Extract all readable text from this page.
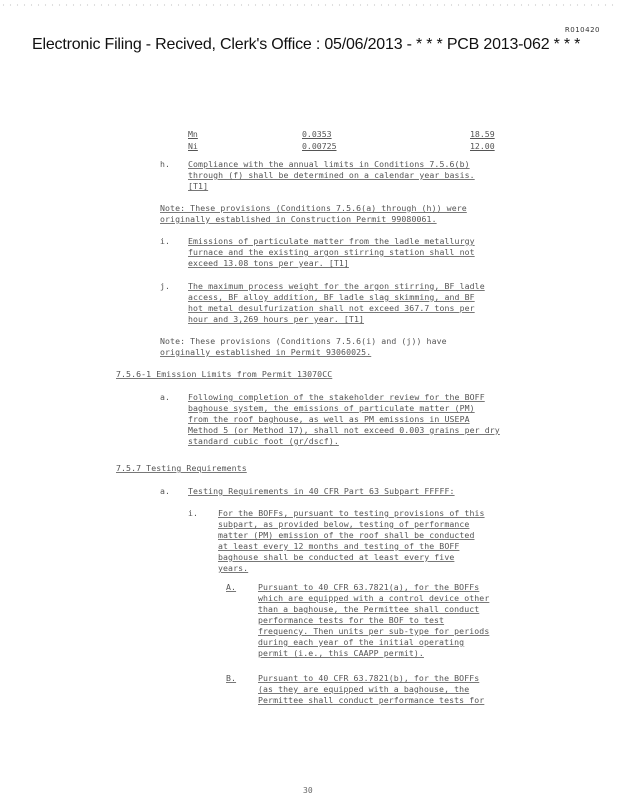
R010420
Electronic Filing - Recived, Clerk's Office : 05/06/2013 - * * * PCB 2013-062 * * *
Mn	0.0353	18.59
Ni	0.00725	12.00
h. Compliance with the annual limits in Conditions 7.5.6(b)
through (f) shall be determined on a calendar year basis.
[T1]
Note: These provisions (Conditions 7.5.6(a) through (h)) were
originally established in Construction Permit 99080061.
i. Emissions of particulate matter from the ladle metallurgy
furnace and the existing argon stirring station shall not
exceed 13.08 tons per year. [T1]
j. The maximum process weight for the argon stirring, BF ladle
access, BF alloy addition, BF ladle slag skimming, and BF
hot metal desulfurization shall not exceed 367.7 tons per
hour and 3,269 hours per year. [T1]
Note: These provisions (Conditions 7.5.6(i) and (j)) have
originally established in Permit 93060025.
7.5.6-1 Emission Limits from Permit 13070CC
a. Following completion of the stakeholder review for the BOFF
baghouse system, the emissions of particulate matter (PM)
from the roof baghouse, as well as PM emissions in USEPA
Method 5 (or Method 17), shall not exceed 0.003 grains per dry
standard cubic foot (gr/dscf).
7.5.7 Testing Requirements
a. Testing Requirements in 40 CFR Part 63 Subpart FFFFF:
i. For the BOFFs, pursuant to testing provisions of this
subpart, as provided below, testing of performance
matter (PM) emission of the roof shall be conducted
at least every 12 months and testing of the BOFF
baghouse shall be conducted at least every five
years.
A.	Pursuant to 40 CFR 63.7821(a), for the BOFFs
which are equipped with a control device other
than a baghouse, the Permittee shall conduct
performance tests for the BOF to test
frequency. Then units per sub-type for periods
during each year of the initial operating
permit (i.e., this CAAPP permit).
B.	Pursuant to 40 CFR 63.7821(b), for the BOFFs
(as they are equipped with a baghouse, the
Permittee shall conduct performance tests for
30
